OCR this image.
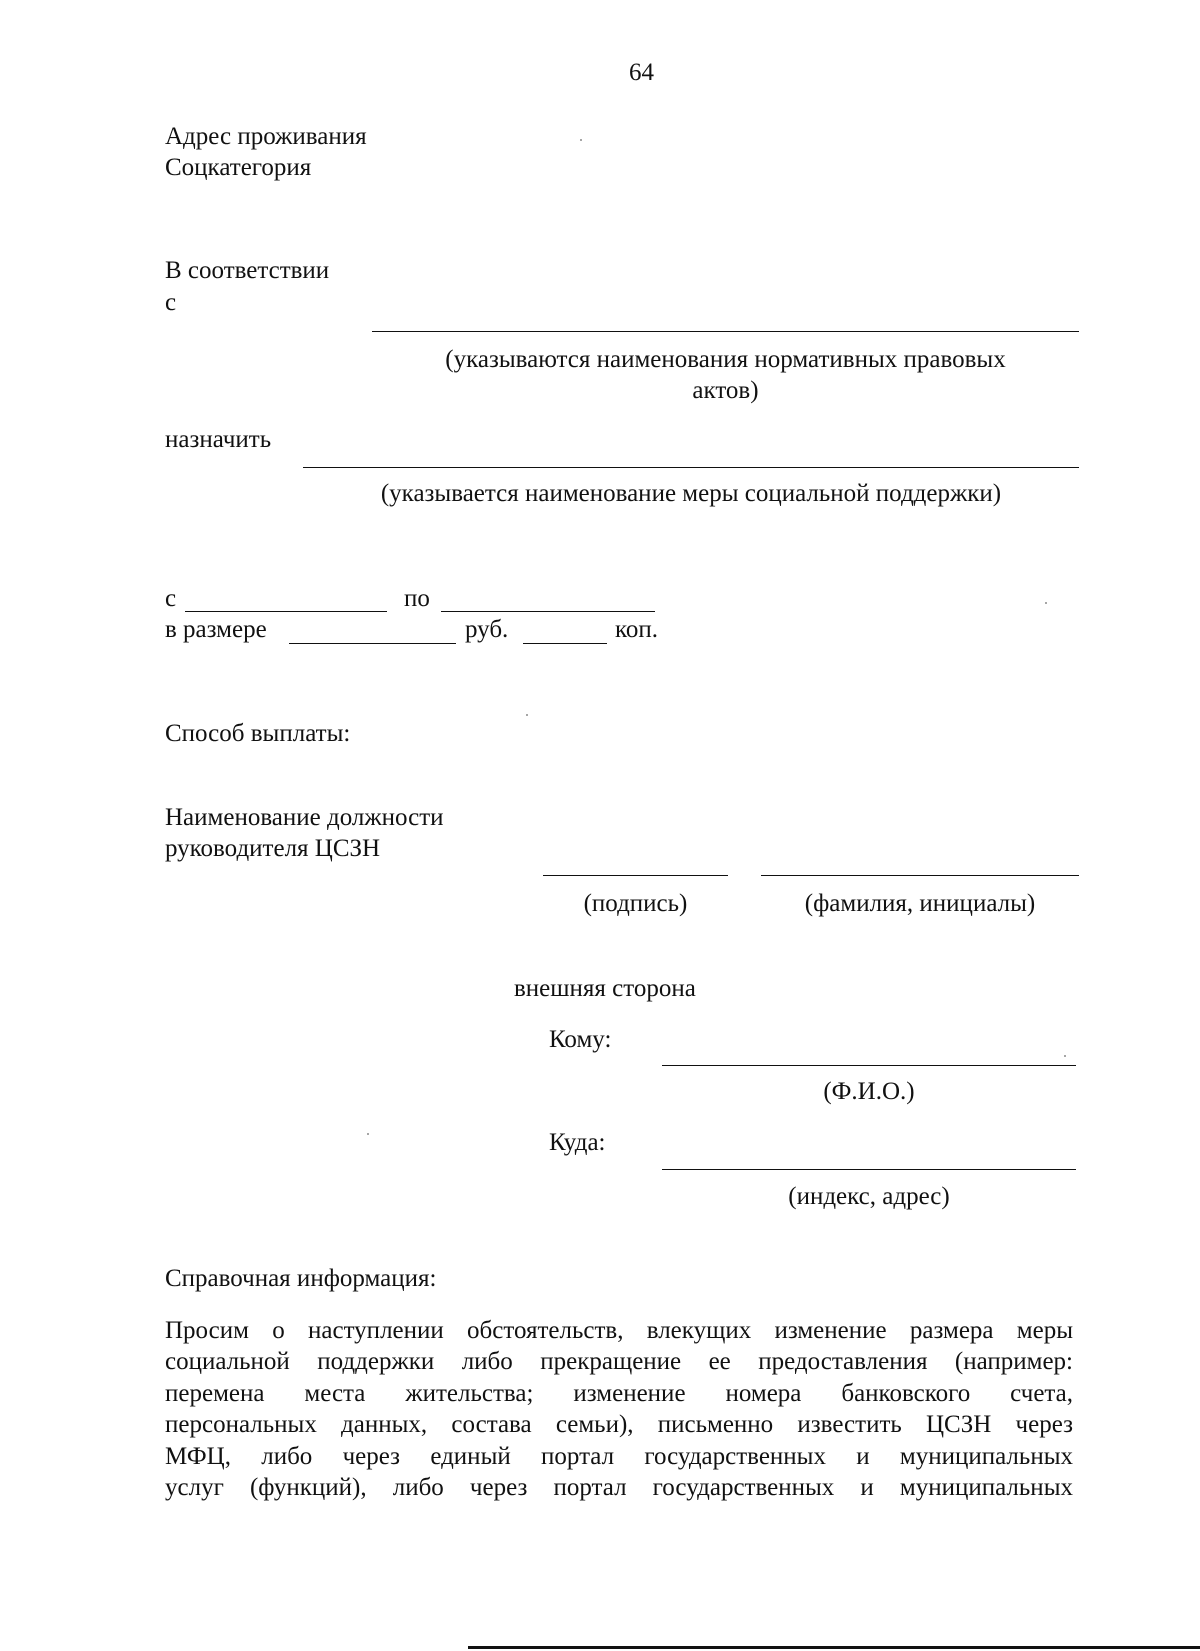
64
Адрес проживания
Соцкатегория
В соответствии
с
(указываются наименования нормативных правовых
актов)
назначить
(указывается наименование меры социальной поддержки)
с	по
в размере	руб.	коп.
Способ выплаты:
Наименование должности
руководителя ЦСЗН
(подпись)	(фамилия, инициалы)
внешняя сторона
Кому:
(Ф.И.О.)
Куда:
(индекс, адрес)
Справочная информация:
Просим о наступлении обстоятельств, влекущих изменение размера меры
социальной поддержки либо прекращение ее предоставления (например:
перемена места жительства; изменение номера банковского счета,
персональных данных, состава семьи), письменно известить ЦСЗН через
МФЦ, либо через единый портал государственных и муниципальных
услуг (функций), либо через портал государственных и муниципальных
